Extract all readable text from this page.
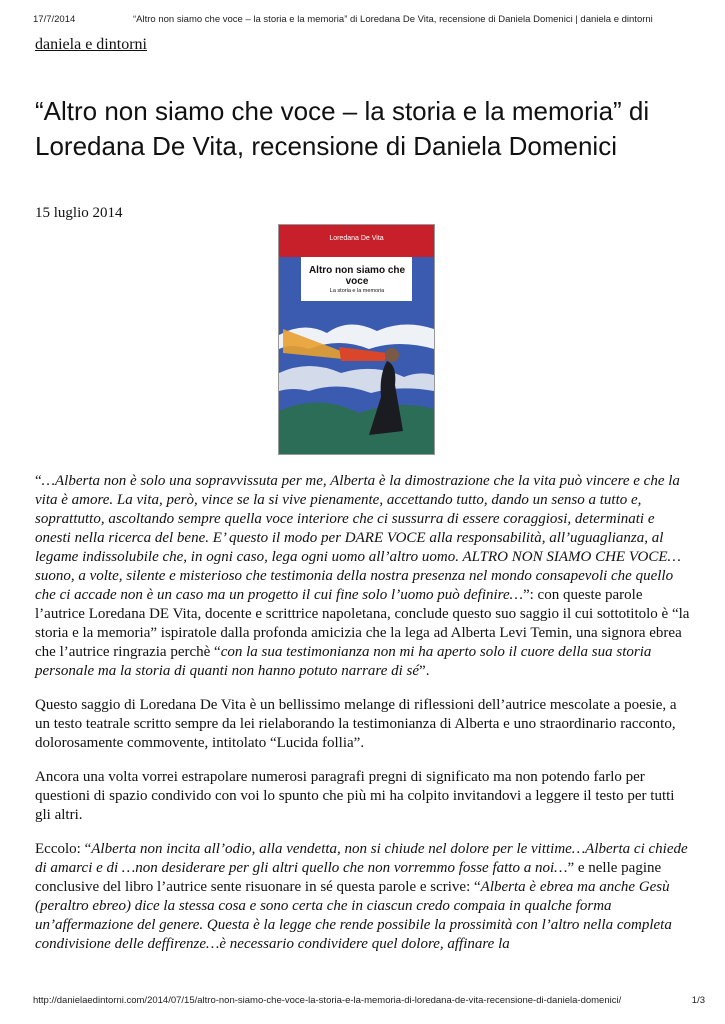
17/7/2014	“Altro non siamo che voce – la storia e la memoria” di Loredana De Vita, recensione di Daniela Domenici | daniela e dintorni
daniela e dintorni
“Altro non siamo che voce – la storia e la memoria” di Loredana De Vita, recensione di Daniela Domenici
15 luglio 2014
Loredana De Vita
Altro non siamo che voce
La storia e la memoria

“…Alberta non è solo una sopravvissuta per me, Alberta è la dimostrazione che la vita può vincere e che la vita è amore. La vita, però, vince se la si vive pienamente, accettando tutto, dando un senso a tutto e, soprattutto, ascoltando sempre quella voce interiore che ci sussurra di essere coraggiosi, determinati e onesti nella ricerca del bene. E’ questo il modo per DARE VOCE alla responsabilità, all’uguaglianza, al legame indissolubile che, in ogni caso, lega ogni uomo all’altro uomo. ALTRO NON SIAMO CHE VOCE…suono, a volte, silente e misterioso che testimonia della nostra presenza nel mondo consapevoli che quello che ci accade non è un caso ma un progetto il cui fine solo l’uomo può definire…”: con queste parole l’autrice Loredana DE Vita, docente e scrittrice napoletana, conclude questo suo saggio il cui sottotitolo è “la storia e la memoria” ispiratole dalla profonda amicizia che la lega ad Alberta Levi Temin, una signora ebrea che l’autrice ringrazia perchè “con la sua testimonianza non mi ha aperto solo il cuore della sua storia personale ma la storia di quanti non hanno potuto narrare di sé”.

Questo saggio di Loredana De Vita è un bellissimo melange di riflessioni dell’autrice mescolate a poesie, a un testo teatrale scritto sempre da lei rielaborando la testimonianza di Alberta e uno straordinario racconto, dolorosamente commovente, intitolato “Lucida follia”.

Ancora una volta vorrei estrapolare numerosi paragrafi pregni di significato ma non potendo farlo per questioni di spazio condivido con voi lo spunto che più mi ha colpito invitandovi a leggere il testo per tutti gli altri.

Eccolo: “Alberta non incita all’odio, alla vendetta, non si chiude nel dolore per le vittime…Alberta ci chiede di amarci e di …non desiderare per gli altri quello che non vorremmo fosse fatto a noi…” e nelle pagine conclusive del libro l’autrice sente risuonare in sé questa parole e scrive: “Alberta è ebrea ma anche Gesù (peraltro ebreo) dice la stessa cosa e sono certa che in ciascun credo compaia in qualche forma un’affermazione del genere. Questa è la legge che rende possibile la prossimità con l’altro nella completa condivisione delle deffirenze…è necessario condividere quel dolore, affinare la

http://danielaedintorni.com/2014/07/15/altro-non-siamo-che-voce-la-storia-e-la-memoria-di-loredana-de-vita-recensione-di-daniela-domenici/	1/3
